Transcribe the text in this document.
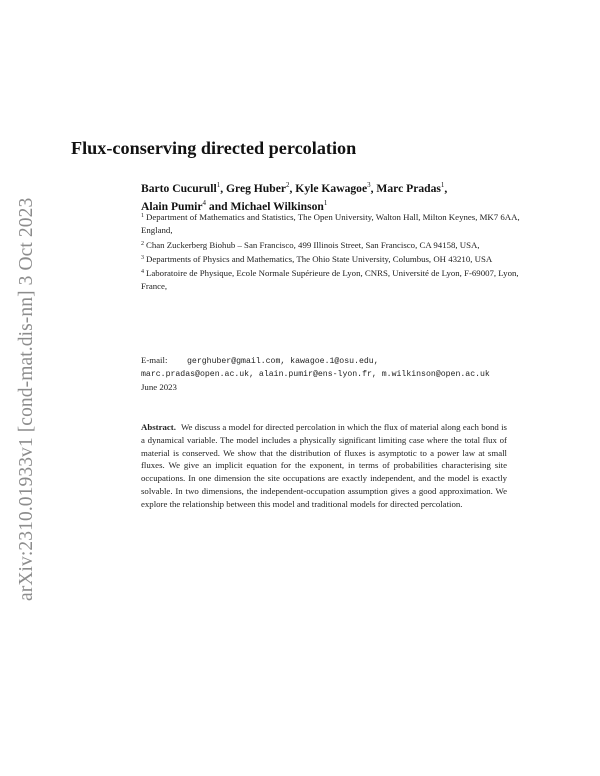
arXiv:2310.01933v1 [cond-mat.dis-nn] 3 Oct 2023
Flux-conserving directed percolation
Barto Cucurull$^1$, Greg Huber$^2$, Kyle Kawagoe$^3$, Marc Pradas$^1$,
Alain Pumir$^4$ and Michael Wilkinson$^1$

$^1$ Department of Mathematics and Statistics, The Open University, Walton Hall, Milton Keynes, MK7 6AA, England,

$^2$ Chan Zuckerberg Biohub – San Francisco, 499 Illinois Street, San Francisco, CA 94158, USA,

$^3$ Departments of Physics and Mathematics, The Ohio State University, Columbus, OH 43210, USA

$^4$ Laboratoire de Physique, Ecole Normale Supérieure de Lyon, CNRS, Université de Lyon, F-69007, Lyon, France,

E-mail: gerghuber@gmail.com, kawagoe.1@osu.edu,
marc.pradas@open.ac.uk, alain.pumir@ens-lyon.fr, m.wilkinson@open.ac.uk
June 2023

Abstract. We discuss a model for directed percolation in which the flux of material along each bond is a dynamical variable. The model includes a physically significant limiting case where the total flux of material is conserved. We show that the distribution of fluxes is asymptotic to a power law at small fluxes. We give an implicit equation for the exponent, in terms of probabilities characterising site occupations. In one dimension the site occupations are exactly independent, and the model is exactly solvable. In two dimensions, the independent-occupation assumption gives a good approximation. We explore the relationship between this model and traditional models for directed percolation.
